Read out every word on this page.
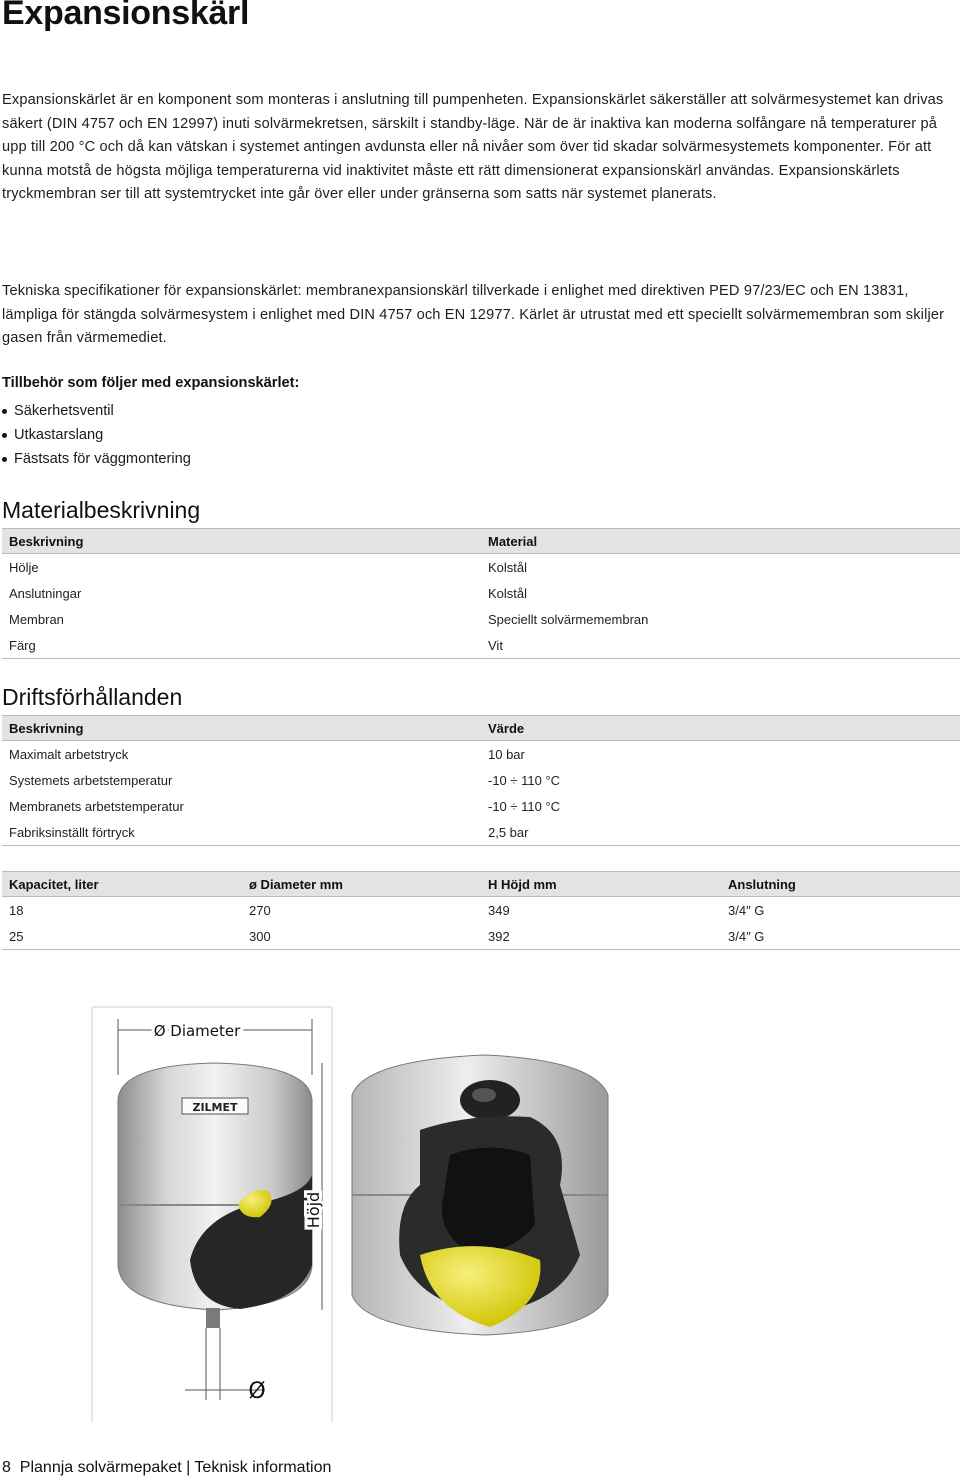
Expansionskärl

Expansionskärlet är en komponent som monteras i anslutning till pumpenheten. Expansionskärlet säkerställer att solvärmesystemet kan drivas säkert (DIN 4757 och EN 12997) inuti solvärmekretsen, särskilt i standby-läge. När de är inaktiva kan moderna solfångare nå temperaturer på upp till 200 °C och då kan vätskan i systemet antingen avdunsta eller nå nivåer som över tid skadar solvärmesystemets komponenter. För att kunna motstå de högsta möjliga temperaturerna vid inaktivitet måste ett rätt dimensionerat expansionskärl användas. Expansionskärlets tryckmembran ser till att systemtrycket inte går över eller under gränserna som satts när systemet planerats.

Tekniska specifikationer för expansionskärlet: membranexpansionskärl tillverkade i enlighet med direktiven PED 97/23/EC och EN 13831, lämpliga för stängda solvärmesystem i enlighet med DIN 4757 och EN 12977. Kärlet är utrustat med ett speciellt solvärmemembran som skiljer gasen från värmemediet.

Tillbehör som följer med expansionskärlet:
Säkerhetsventil
Utkastarslang
Fästsats för väggmontering
Materialbeskrivning
Beskrivning	Material
Hölje	Kolstål
Anslutningar	Kolstål
Membran	Speciellt solvärmemembran
Färg	Vit
Driftsförhållanden
Beskrivning	Värde
Maximalt arbetstryck	10 bar
Systemets arbetstemperatur	-10 ÷ 110 °C
Membranets arbetstemperatur	-10 ÷ 110 °C
Fabriksinställt förtryck	2,5 bar
Kapacitet, liter	ø Diameter mm	H Höjd mm	Anslutning
18	270	349	3/4″ G
25	300	392	3/4″ G
Ø Diameter
ZILMET
Ø
Höjd
8 Plannja solvärmepaket | Teknisk information
